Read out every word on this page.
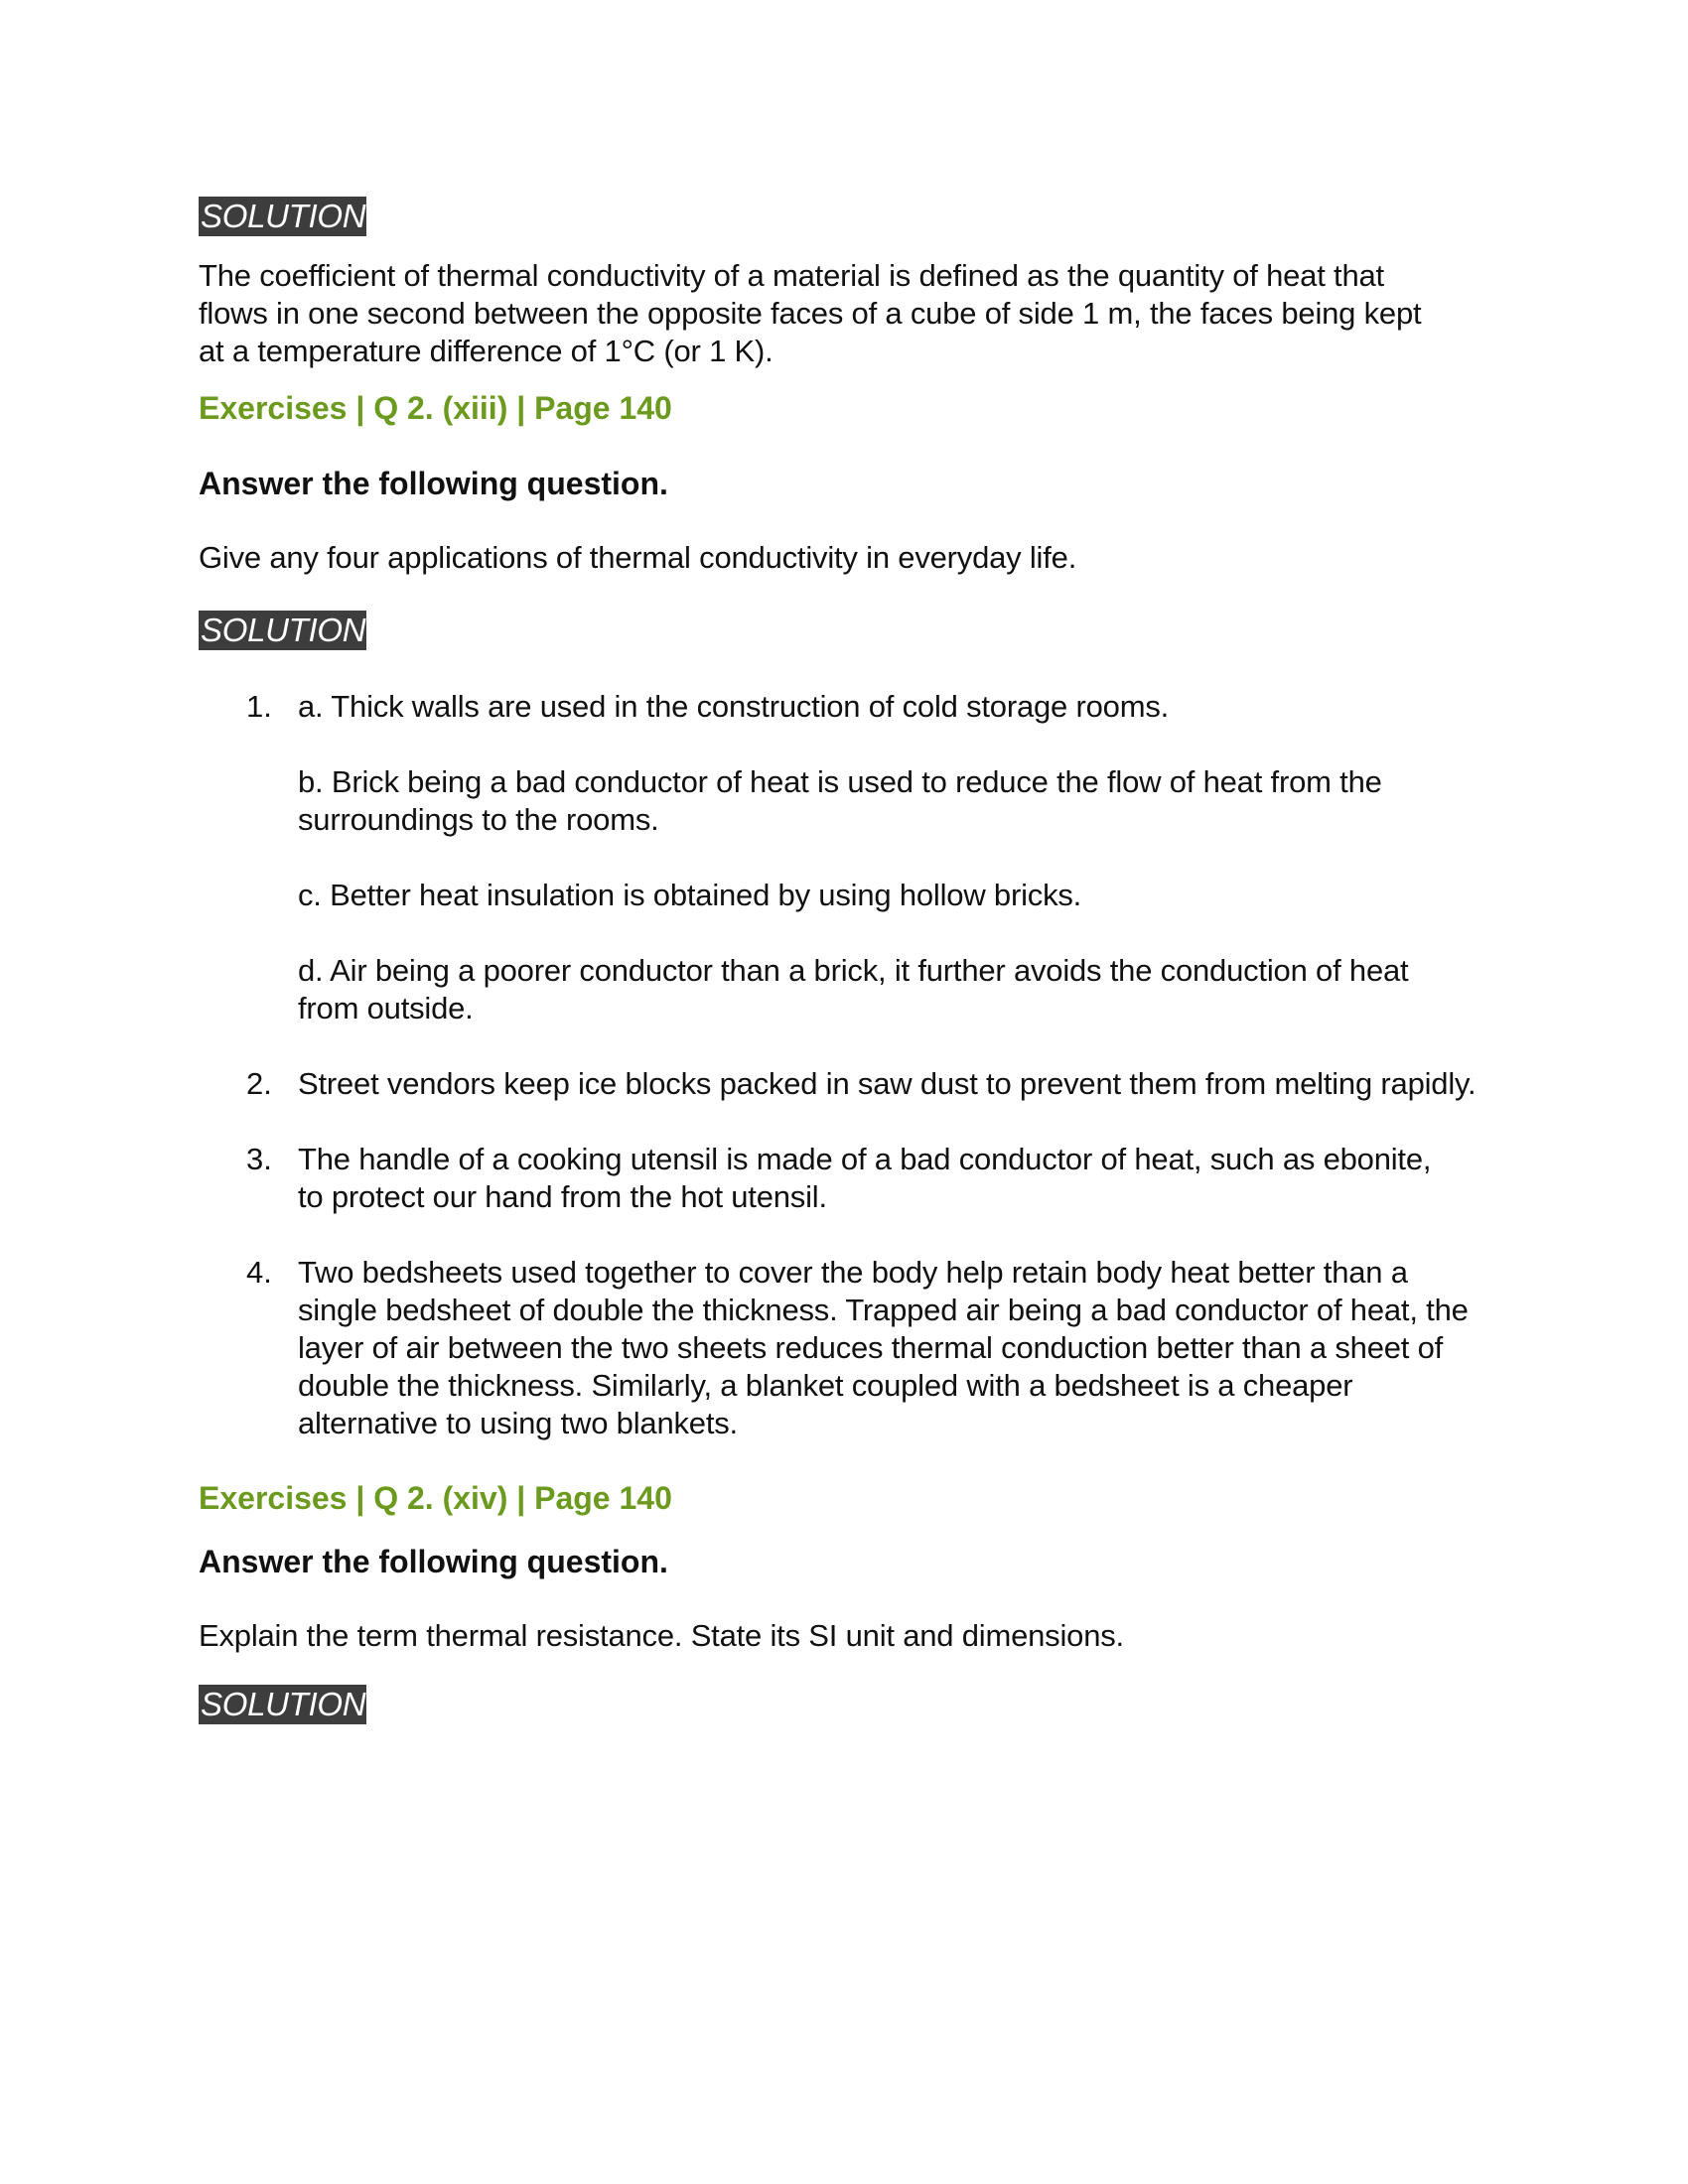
SOLUTION

The coefficient of thermal conductivity of a material is defined as the quantity of heat that flows in one second between the opposite faces of a cube of side 1 m, the faces being kept at a temperature difference of 1°C (or 1 K).

Exercises | Q 2. (xiii) | Page 140

Answer the following question.

Give any four applications of thermal conductivity in everyday life.

SOLUTION
1. a. Thick walls are used in the construction of cold storage rooms.

b. Brick being a bad conductor of heat is used to reduce the flow of heat from the surroundings to the rooms.

c. Better heat insulation is obtained by using hollow bricks.

d. Air being a poorer conductor than a brick, it further avoids the conduction of heat from outside.

2. Street vendors keep ice blocks packed in saw dust to prevent them from melting rapidly.

3. The handle of a cooking utensil is made of a bad conductor of heat, such as ebonite, to protect our hand from the hot utensil.

4. Two bedsheets used together to cover the body help retain body heat better than a single bedsheet of double the thickness. Trapped air being a bad conductor of heat, the layer of air between the two sheets reduces thermal conduction better than a sheet of double the thickness. Similarly, a blanket coupled with a bedsheet is a cheaper alternative to using two blankets.

Exercises | Q 2. (xiv) | Page 140

Answer the following question.

Explain the term thermal resistance. State its SI unit and dimensions.

SOLUTION
